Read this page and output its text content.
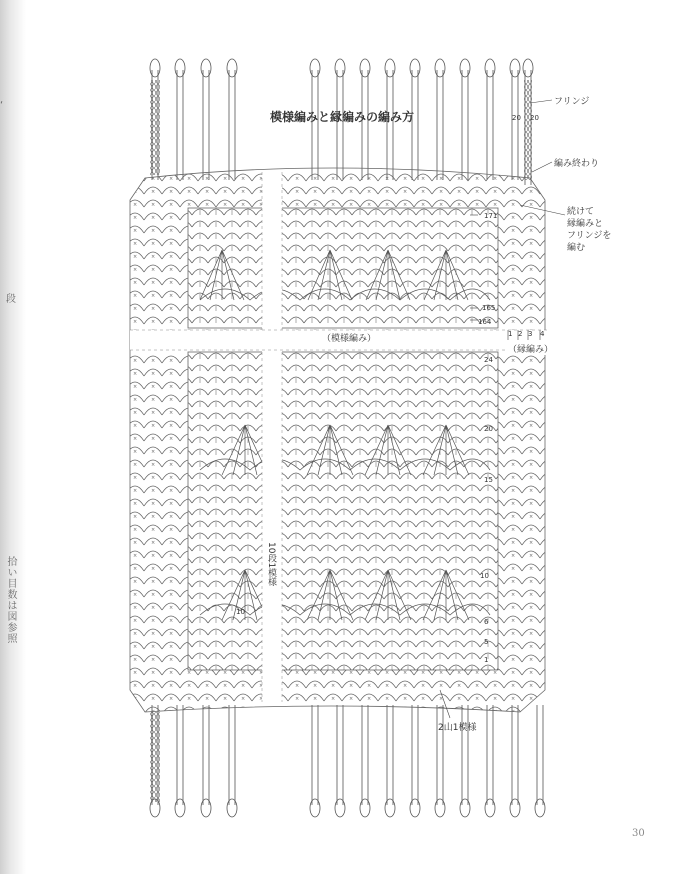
‘
段
拾い目数は図参照
模様編みと縁編みの編み方
フリンジ
20 20
編み終わり
続けて
縁編みと
フリンジを
編む
171
165
164
1 2 3 4
（模様編み）
（縁編み）
24
20
15
10
10
6
5
1
10段1模様
2山1模様
30
